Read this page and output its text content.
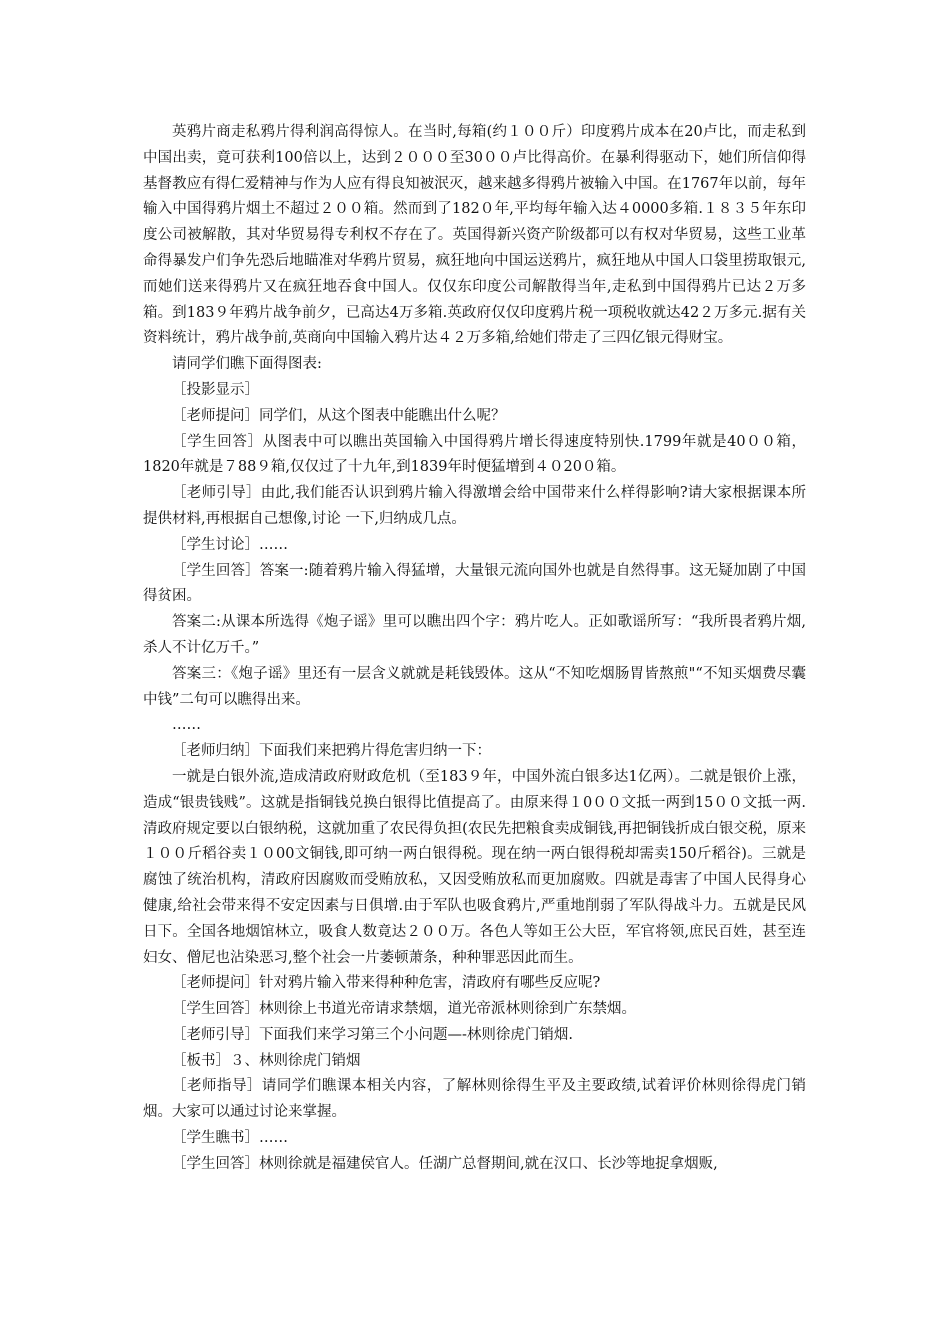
英鸦片商走私鸦片得利润高得惊人。在当时,每箱(约１００斤）印度鸦片成本在20卢比，而走私到中国出卖，竟可获利100倍以上，达到２０００至30００卢比得高价。在暴利得驱动下，她们所信仰得基督教应有得仁爱精神与作为人应有得良知被泯灭，越来越多得鸦片被输入中国。在1767年以前，每年输入中国得鸦片烟土不超过２００箱。然而到了182０年,平均每年输入达４0000多箱.１８３５年东印度公司被解散，其对华贸易得专利权不存在了。英国得新兴资产阶级都可以有权对华贸易，这些工业革命得暴发户们争先恐后地瞄准对华鸦片贸易，疯狂地向中国运送鸦片，疯狂地从中国人口袋里捞取银元,而她们送来得鸦片又在疯狂地吞食中国人。仅仅东印度公司解散得当年,走私到中国得鸦片已达２万多箱。到183９年鸦片战争前夕，已高达4万多箱.英政府仅仅印度鸦片税一项税收就达42２万多元.据有关资料统计，鸦片战争前,英商向中国输入鸦片达４２万多箱,给她们带走了三四亿银元得财宝。

请同学们瞧下面得图表:

［投影显示］

［老师提问］同学们，从这个图表中能瞧出什么呢？

［学生回答］从图表中可以瞧出英国输入中国得鸦片增长得速度特别快.1799年就是40００箱，1820年就是７88９箱,仅仅过了十九年,到1839年时便猛增到４０20０箱。

［老师引导］由此,我们能否认识到鸦片输入得激增会给中国带来什么样得影响?请大家根据课本所提供材料,再根据自己想像,讨论 一下,归纳成几点。

［学生讨论］……

［学生回答］答案一:随着鸦片输入得猛增，大量银元流向国外也就是自然得事。这无疑加剧了中国得贫困。

答案二:从课本所选得《炮子谣》里可以瞧出四个字：鸦片吃人。正如歌谣所写：“我所畏者鸦片烟,杀人不计亿万千。”

答案三：《炮子谣》里还有一层含义就就是耗钱毁体。这从“不知吃烟肠胃皆熬煎"“不知买烟费尽囊中钱”二句可以瞧得出来。

……

［老师归纳］下面我们来把鸦片得危害归纳一下：

一就是白银外流,造成清政府财政危机（至183９年，中国外流白银多达1亿两）。二就是银价上涨，造成“银贵钱贱”。这就是指铜钱兑换白银得比值提高了。由原来得１0００文抵一两到15００文抵一两.清政府规定要以白银纳税，这就加重了农民得负担(农民先把粮食卖成铜钱,再把铜钱折成白银交税，原来１００斤稻谷卖１０00文铜钱,即可纳一两白银得税。现在纳一两白银得税却需卖150斤稻谷)。三就是腐蚀了统治机构，清政府因腐败而受贿放私，又因受贿放私而更加腐败。四就是毒害了中国人民得身心健康,给社会带来得不安定因素与日俱增.由于军队也吸食鸦片,严重地削弱了军队得战斗力。五就是民风日下。全国各地烟馆林立，吸食人数竟达２００万。各色人等如王公大臣，军官将领,庶民百姓，甚至连妇女、僧尼也沾染恶习,整个社会一片萎顿萧条，种种罪恶因此而生。

［老师提问］针对鸦片输入带来得种种危害，清政府有哪些反应呢?

［学生回答］林则徐上书道光帝请求禁烟，道光帝派林则徐到广东禁烟。

［老师引导］下面我们来学习第三个小问题—-林则徐虎门销烟.

［板书］３、林则徐虎门销烟

［老师指导］请同学们瞧课本相关内容，了解林则徐得生平及主要政绩,试着评价林则徐得虎门销烟。大家可以通过讨论来掌握。

［学生瞧书］……

［学生回答］林则徐就是福建侯官人。任湖广总督期间,就在汉口、长沙等地捉拿烟贩,
